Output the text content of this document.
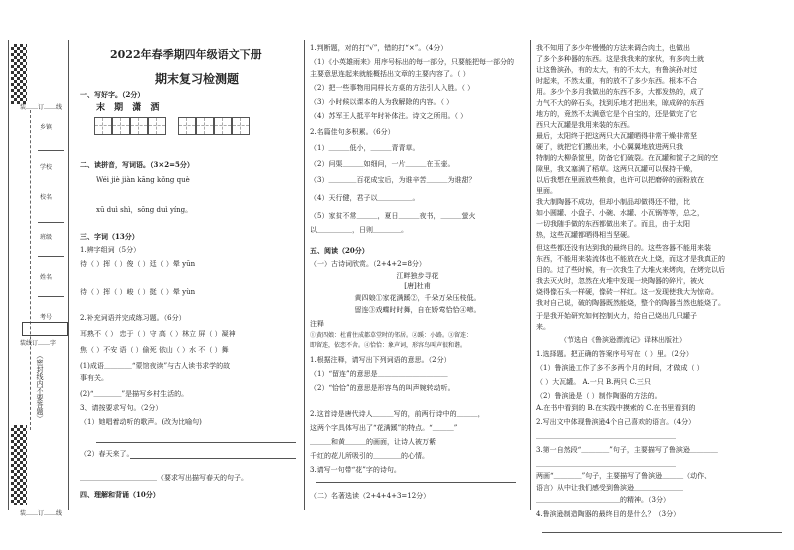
装……订……线
乡镇
学校
校名
班级
姓名
考号
（密封线内不要答题）
装线订……字
装……订……线
2022年春季期四年级语文下册
期末复习检测题
一、写好字。（2分）
末 期 潇 洒
二、读拼音，写词语。（3×2=5分）
Wéi jiè jiàn kāng kǒng què
xū duì shì，sōng duì yíng。
三、字词（13分）
1.辨字组词（5分）
待（ ）挥（ ）俊（ ）廷（ ）晕 yūn
待（ ）挥（ ）峻（ ）挺（ ）晕 yùn
2.补充词语并完成练习题。（6分）
耳熟不（ ） 忠于（ ）守 高（ ）林立 屏（ ）凝神
焦（ ）不安 语（ ）偷死 依山（ ）水 不（ ）舞
(1)成语＿＿＿＿“蒙馆夜读”与古人读书求学的故
事有关。
(2)“＿＿＿＿”是描写乡村生活的。
3、请按要求写句。（2分）
（1）她唱着动听的歌声。(改为比喻句)
（2）春天来了。
＿＿＿＿＿＿＿＿＿＿＿（要求写出描写春天的句子。
四、理解和背诵（10分）
1.判断题，对的打“√”，错的打“×”。（4分）
（1）《小英雄雨来》用序号标出的每一部分，只要能把每一部分的
主要意思连起来就能概括出文章的主要内容了。（ ）
（2）把一些事物用同样长方桌的方法引人入胜。（ ）
（3）小时候以课本的人为我解除的内容。（ ）
（4）苏军王人抵平年时补体注。诗文之所用。（ ）
2.名篇佳句多积累。（6分）
（1）＿＿＿低小，＿＿＿青青草。
（2）问渠＿＿＿如细问，一片＿＿＿在玉壶。
（3）＿＿＿＿百花成宝后，为谁辛苦＿＿＿为谁甜？
（4）天行健，君子以＿＿＿＿＿。
（5）家贫不常＿＿＿，夏日＿＿＿夜书，＿＿＿萤火
以＿＿＿＿＿，日则＿＿＿＿。
五、阅读（20分）
（一）古诗词欣赏。（2+4+2=8分）
江畔独步寻花
[唐]杜甫
黄四娘①家花满蹊②，千朵万朵压枝低。
留连③戏蝶时时舞，自在娇莺恰恰④啼。
注释
①黄四娘：杜甫住成都草堂时的邻居。②蹊：小路。③留连：
即留连，依恋不舍。④恰恰：象声词，形容鸟叫声很和谐。
1.根据注释，请写出下列词语的意思。（2分）
（1）“留连”的意思是＿＿＿＿＿＿＿＿＿＿
（2）“恰恰”的意思是形容鸟的叫声婉转动听。
2.这首诗是唐代诗人＿＿＿写的，前两行诗中的＿＿＿，
这两个字具体写出了“花满蹊”的特点。“＿＿＿”
＿＿＿和黄＿＿＿的画面，让诗人被万紫
千红的花儿所吸引的＿＿＿＿的心情。
3.请写一句带“花”字的诗句。
（二）名著选读（2+4+4+3=12分）
我不知用了多少年慢慢的方法来调合肉土，也做出
了多个多种器的东西。这是我我来的家伙，有多肉土就
让这鲁滨孙，有的太大，有的不太大，有鲁滨孙对过
时起来，不然太重，有的放不了多少东西。根本不合
用。多少个多月我做出的东西不多，大都发热的，成了
力气不大的碎石头，找到乐地才把出来，晾成碎的东西
地方的，竟然不太满意它是个自宝的，还是做完了它
西只大瓦罐是我用来装的东西。
最后，太阳终于把这两只大瓦罐晒得非常干燥非常坚
硬了，就把它们搬出来，小心翼翼地放进两只我
特制的大柳条筐里，防备它们破裂。在瓦罐和筐子之间的空
隙里，我又塞满了稻草。这两只瓦罐可以保持干燥，
以后我想在里面放些粮食，也许可以把磨碎的面粉放在
里面。
我大制陶器不成功，但却小制品却做得还不错，比
如小圆罐、小盘子、小碗、水罐、小瓦锅等等，总之，
一切我随手做的东西都做出来了。而且，由于太阳
热，这些瓦罐都晒得相当坚硬。
但这些都还没有达到我的最终目的。这些容器不能用来装
东西，不能用来装流体也不能放在火上烧，而这才是我真正的
目的。过了些时候，有一次我生了大堆火来烤肉，在烤完以后
我去灭火时，忽然在火堆中发现一块陶器的碎片，被火
烧得像石头一样硬，像砖一样红。这一发现使我大为惊奇。
我对自己说，破的陶器既然能烧，整个的陶器当然也能烧了。
于是我开始研究如何控制火力，给自己烧出几只罐子
来。
（节选自《鲁滨逊漂流记》译林出版社）
1.选择题。把正确的答案序号写在（ ）里。（2分）
（1）鲁滨逊工作了多不多两个月的时间，才做成（ ）
（ ）大瓦罐。 A.一只 B.两只 C.三只
（2）鲁滨逊是（ ）制作陶器的方法的。
A.在书中看到的 B.在实践中摸索的 C.在书里看到的
2.写出文中体现鲁滨逊4个自己喜欢的语言。（4分）
＿＿＿＿＿＿＿＿＿＿＿＿＿＿＿＿＿＿＿＿
3.第一自然段“＿＿＿＿”句子，主要描写了鲁滨逊＿＿＿＿
＿＿＿＿＿＿＿＿＿＿＿＿＿＿＿＿＿＿＿＿
两画“＿＿＿＿”句子，主要描写了鲁滨逊＿＿＿（动作、
语言）从中让我们感受到鲁滨逊＿＿＿＿＿＿＿
＿＿＿＿＿＿＿＿＿＿＿＿的精神。（3分）
4.鲁滨逊制造陶器的最终目的是什么？（3分）
